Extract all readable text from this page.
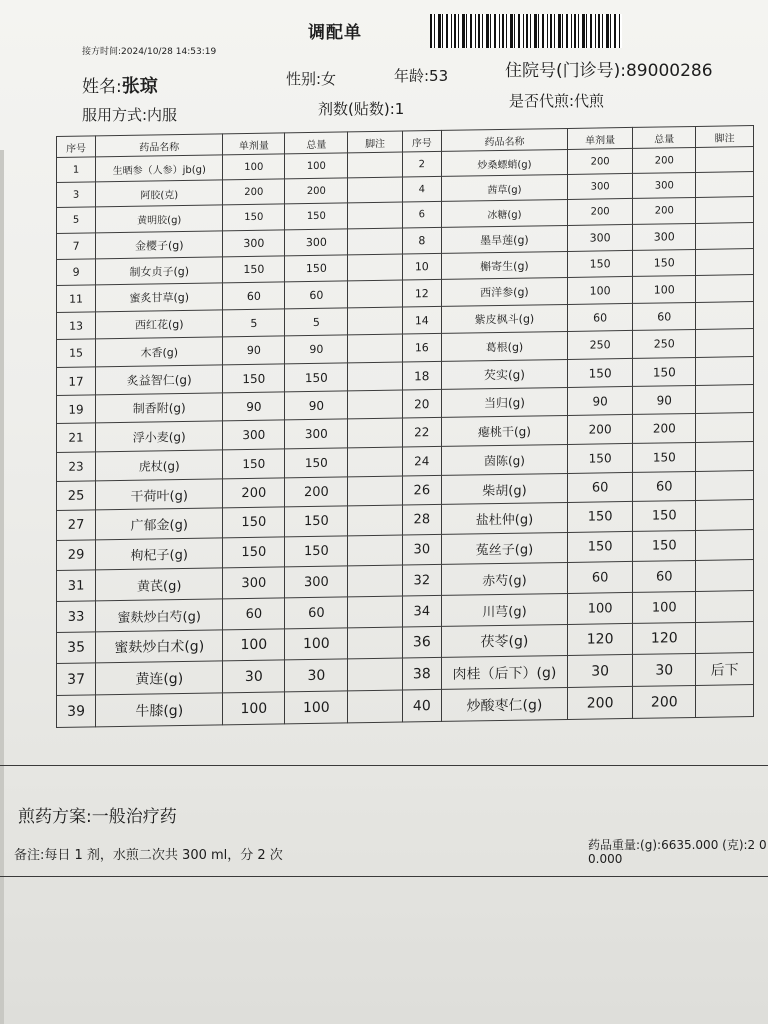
调配单
接方时间:2024/10/28 14:53:19
姓名:张琼	性别:女	年龄:53	住院号(门诊号):89000286
服用方式:内服	剂数(贴数):1	是否代煎:代煎
序号	药品名称	单剂量	总量	脚注	序号	药品名称	单剂量	总量	脚注
1	生晒参（人参）jb(g)	100	100		2	炒桑螵蛸(g)	200	200	
3	阿胶(克)	200	200		4	茜草(g)	300	300	
5	黄明胶(g)	150	150		6	冰糖(g)	200	200	
7	金樱子(g)	300	300		8	墨旱莲(g)	300	300	
9	制女贞子(g)	150	150		10	槲寄生(g)	150	150	
11	蜜炙甘草(g)	60	60		12	西洋参(g)	100	100	
13	西红花(g)	5	5		14	紫皮枫斗(g)	60	60	
15	木香(g)	90	90		16	葛根(g)	250	250	
17	炙益智仁(g)	150	150		18	芡实(g)	150	150	
19	制香附(g)	90	90		20	当归(g)	90	90	
21	浮小麦(g)	300	300		22	瘪桃干(g)	200	200	
23	虎杖(g)	150	150		24	茵陈(g)	150	150	
25	干荷叶(g)	200	200		26	柴胡(g)	60	60	
27	广郁金(g)	150	150		28	盐杜仲(g)	150	150	
29	枸杞子(g)	150	150		30	菟丝子(g)	150	150	
31	黄芪(g)	300	300		32	赤芍(g)	60	60	
33	蜜麸炒白芍(g)	60	60		34	川芎(g)	100	100	
35	蜜麸炒白术(g)	100	100		36	茯苓(g)	120	120	
37	黄连(g)	30	30		38	肉桂（后下）(g)	30	30	后下
39	牛膝(g)	100	100		40	炒酸枣仁(g)	200	200	
煎药方案:一般治疗药
备注:每日 1 剂，水煎二次共 300 ml，分 2 次
药品重量:(g):6635.000 (克):2 00.000
